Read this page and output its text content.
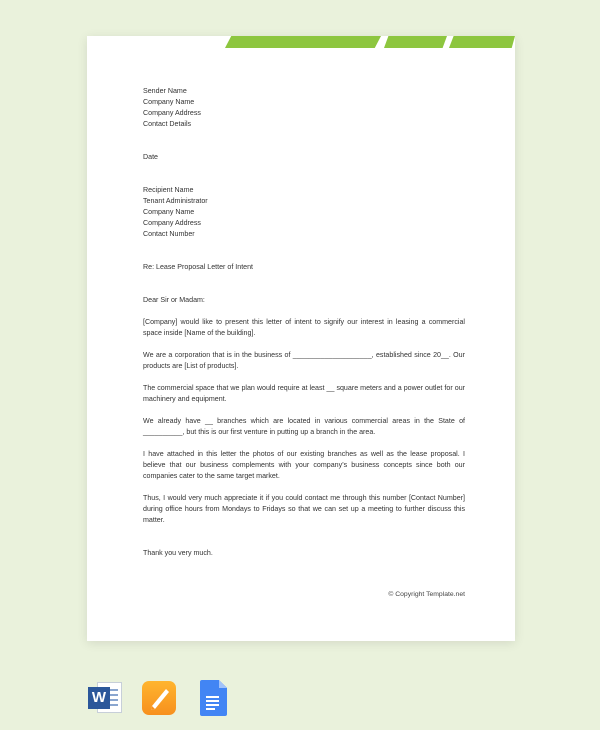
Sender Name
Company Name
Company Address
Contact Details
Date
Recipient Name
Tenant Administrator
Company Name
Company Address
Contact Number
Re: Lease Proposal Letter of Intent
Dear Sir or Madam:
[Company] would like to present this letter of intent to signify our interest in leasing a commercial space inside [Name of the building].
We are a corporation that is in the business of ____________________, established since 20__. Our products are [List of products].
The commercial space that we plan would require at least __ square meters and a power outlet for our machinery and equipment.
We already have __ branches which are located in various commercial areas in the State of __________, but this is our first venture in putting up a branch in the area.
I have attached in this letter the photos of our existing branches as well as the lease proposal. I believe that our business complements with your company’s business concepts since both our companies cater to the same target market.
Thus, I would very much appreciate it if you could contact me through this number [Contact Number] during office hours from Mondays to Fridays so that we can set up a meeting to further discuss this matter.
Thank you very much.
© Copyright Template.net
W
